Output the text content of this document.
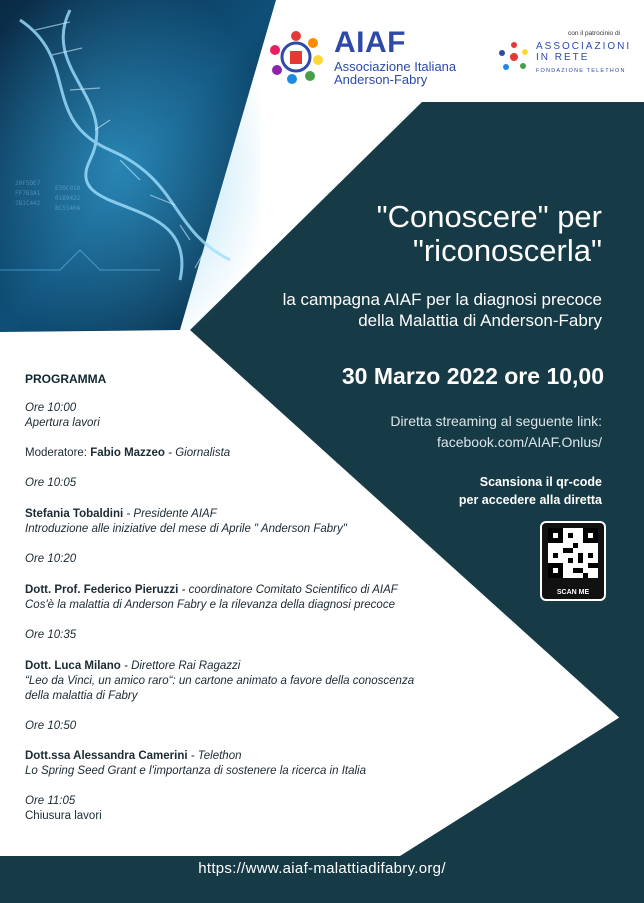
20F5DE7
FF7B3A1
7B1C442
E39C01D
01B9422
8C5140A
AIAF
Associazione Italiana
Anderson-Fabry
con il patrocinio di
ASSOCIAZIONI
IN RETE
FONDAZIONE TELETHON
"Conoscere" per
"riconoscerla"
la campagna AIAF per la diagnosi precoce
della Malattia di Anderson-Fabry
30 Marzo 2022 ore 10,00
Diretta streaming al seguente link:
facebook.com/AIAF.Onlus/
Scansiona il qr-code
per accedere alla diretta
SCAN ME
PROGRAMMA
Ore 10:00
Apertura lavori
Moderatore: Fabio Mazzeo - Giornalista
Ore 10:05
Stefania Tobaldini - Presidente AIAF
Introduzione alle iniziative del mese di Aprile " Anderson Fabry"
Ore 10:20
Dott. Prof. Federico Pieruzzi - coordinatore Comitato Scientifico di AIAF
Cos'è la malattia di Anderson Fabry e la rilevanza della diagnosi precoce
Ore 10:35
Dott. Luca Milano - Direttore Rai Ragazzi
“Leo da Vinci, un amico raro“: un cartone animato a favore della conoscenza
della malattia di Fabry
Ore 10:50
Dott.ssa Alessandra Camerini - Telethon
Lo Spring Seed Grant e l'importanza di sostenere la ricerca in Italia
Ore 11:05
Chiusura lavori
https://www.aiaf-malattiadifabry.org/
